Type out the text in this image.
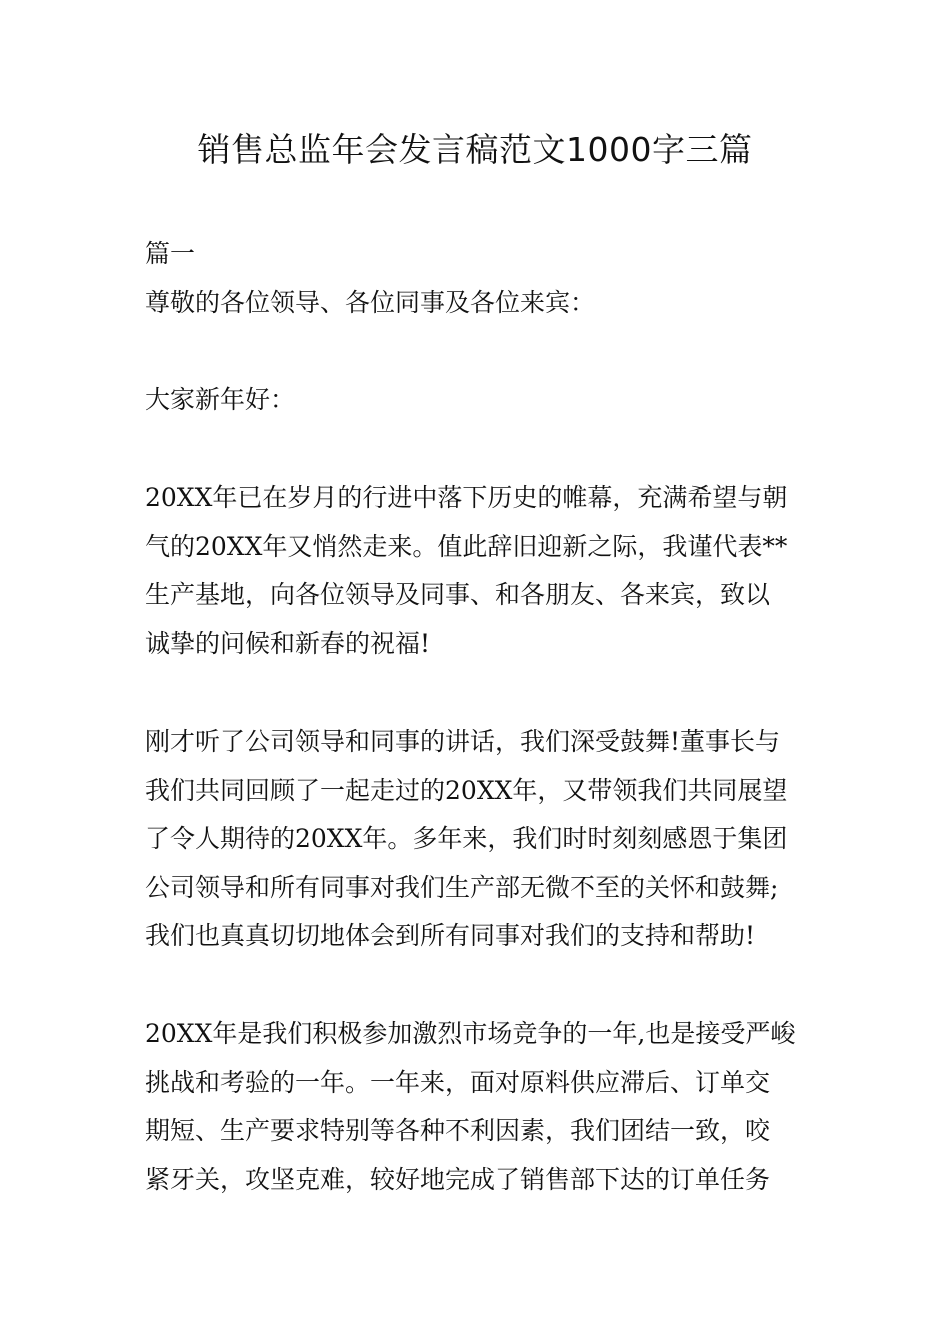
销售总监年会发言稿范文1000字三篇
篇一
尊敬的各位领导、各位同事及各位来宾：
大家新年好：
20XX年已在岁月的行进中落下历史的帷幕，充满希望与朝
气的20XX年又悄然走来。值此辞旧迎新之际，我谨代表**
生产基地，向各位领导及同事、和各朋友、各来宾，致以
诚挚的问候和新春的祝福!
刚才听了公司领导和同事的讲话，我们深受鼓舞!董事长与
我们共同回顾了一起走过的20XX年，又带领我们共同展望
了令人期待的20XX年。多年来，我们时时刻刻感恩于集团
公司领导和所有同事对我们生产部无微不至的关怀和鼓舞;
我们也真真切切地体会到所有同事对我们的支持和帮助!
20XX年是我们积极参加激烈市场竞争的一年,也是接受严峻
挑战和考验的一年。一年来，面对原料供应滞后、订单交
期短、生产要求特别等各种不利因素，我们团结一致，咬
紧牙关，攻坚克难，较好地完成了销售部下达的订单任务
